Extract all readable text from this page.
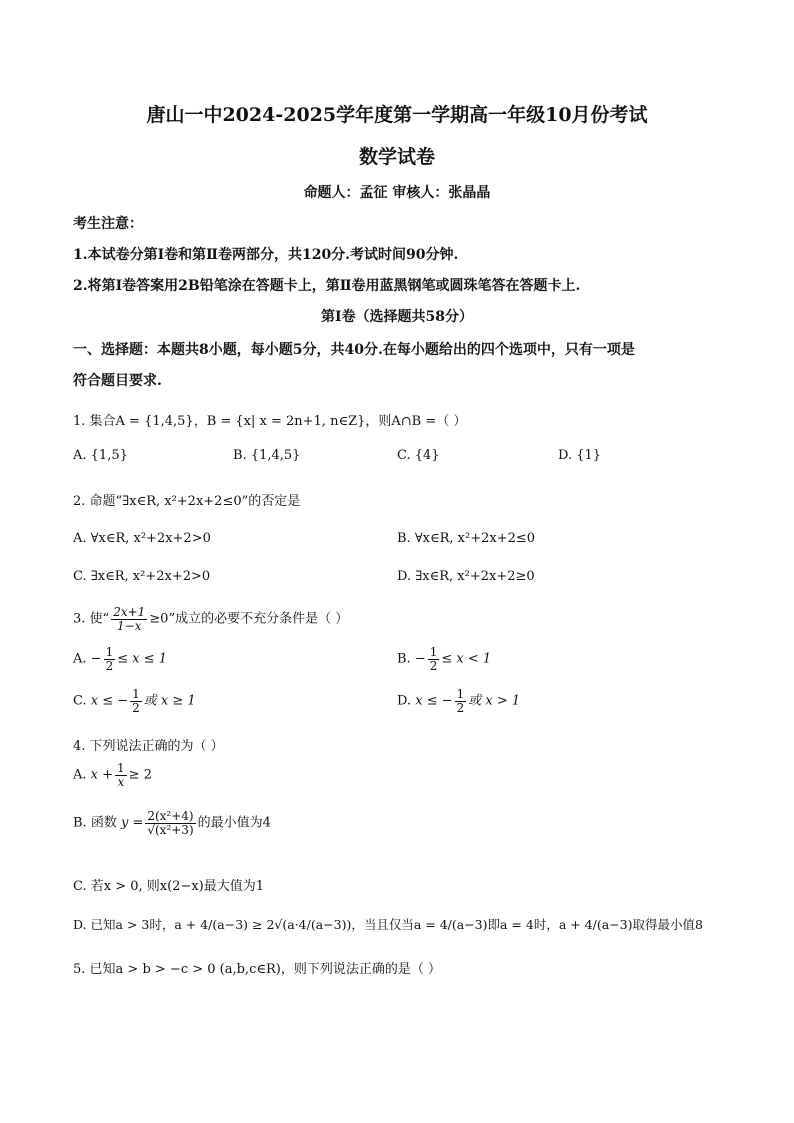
唐山一中2024-2025学年度第一学期高一年级10月份考试
数学试卷
命题人：孟征 审核人：张晶晶
考生注意：
1.本试卷分第Ⅰ卷和第Ⅱ卷两部分，共120分.考试时间90分钟.
2.将第Ⅰ卷答案用2B铅笔涂在答题卡上，第Ⅱ卷用蓝黑钢笔或圆珠笔答在答题卡上.
第Ⅰ卷（选择题共58分）
一、选择题：本题共8小题，每小题5分，共40分.在每小题给出的四个选项中，只有一项是
符合题目要求.
1. 集合A = {1,4,5}，B = {x| x = 2n+1, n∈Z}，则A∩B =（ ）
A. {1,5}	B. {1,4,5}	C. {4}	D. {1}
2. 命题“∃x∈R, x²+2x+2≤0”的否定是
A. ∀x∈R, x²+2x+2>0	B. ∀x∈R, x²+2x+2≤0
C. ∃x∈R, x²+2x+2>0	D. ∃x∈R, x²+2x+2≥0
3. 使“ $\frac{2x+1}{1-x} \ge 0$”成立的必要不充分条件是（ ）
A. − $\frac{1}{2} \le x \le 1$	B. − $\frac{1}{2} \le x < 1$
C. x ≤ − $\frac{1}{2}$ 或 x ≥ 1	D. x ≤ − $\frac{1}{2}$ 或 x > 1
4. 下列说法正确的为（ ）
A. $x + \frac{1}{x} \ge 2$
B. 函数 $y = \frac{\text{2(x²+4)}}{\text{√(x²+3)}}$ 的最小值为4
C. 若x > 0, 则x(2−x)最大值为1
D. 已知a > 3时，a + 4/(a−3) ≥ 2√(a·4/(a−3))，当且仅当a = 4/(a−3)即a = 4时，a + 4/(a−3)取得最小值8
5. 已知a > b > −c > 0 (a,b,c∈R)，则下列说法正确的是（ ）
